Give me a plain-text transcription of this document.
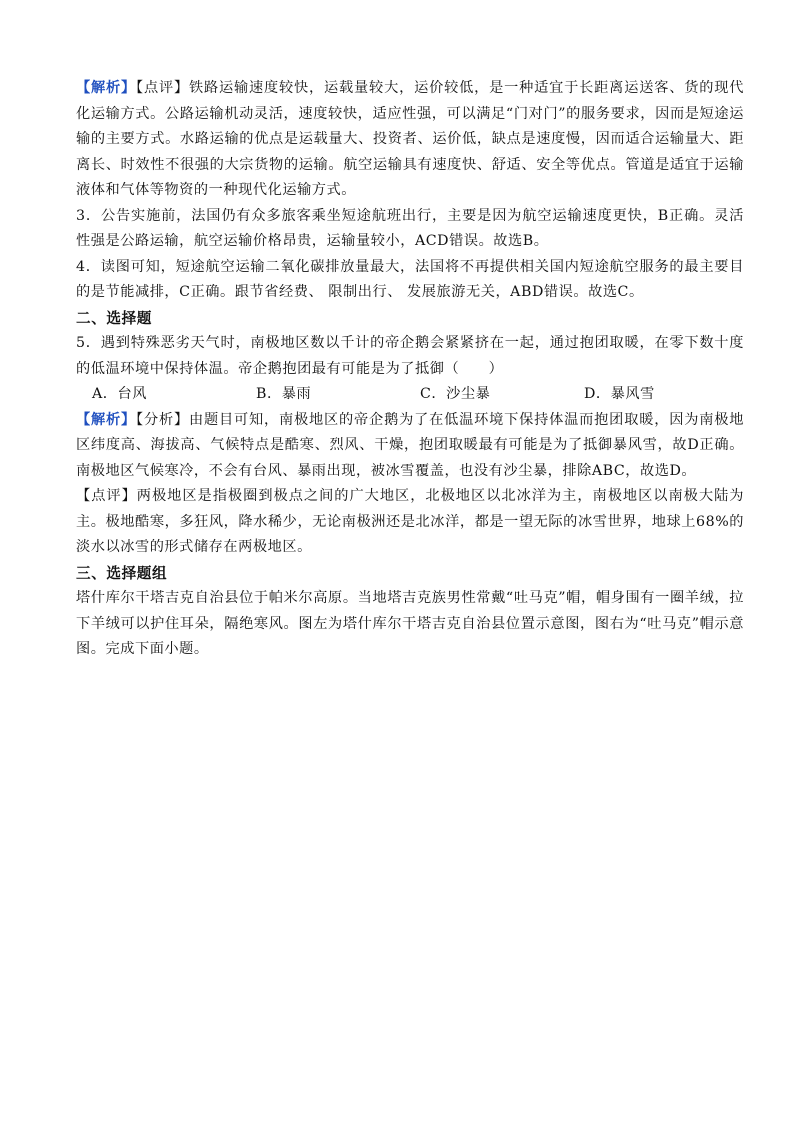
【解析】【点评】铁路运输速度较快，运载量较大，运价较低，是一种适宜于长距离运送客、货的现代化运输方式。公路运输机动灵活，速度较快，适应性强，可以满足“门对门”的服务要求，因而是短途运输的主要方式。水路运输的优点是运载量大、投资者、运价低，缺点是速度慢，因而适合运输量大、距离长、时效性不很强的大宗货物的运输。航空运输具有速度快、舒适、安全等优点。管道是适宜于运输液体和气体等物资的一种现代化运输方式。

3．公告实施前，法国仍有众多旅客乘坐短途航班出行，主要是因为航空运输速度更快，B正确。灵活性强是公路运输，航空运输价格昂贵，运输量较小，ACD错误。故选B。

4．读图可知，短途航空运输二氧化碳排放量最大，法国将不再提供相关国内短途航空服务的最主要目的是节能减排，C正确。跟节省经费、 限制出行、 发展旅游无关，ABD错误。故选C。

二、选择题

5．遇到特殊恶劣天气时，南极地区数以千计的帝企鹅会紧紧挤在一起，通过抱团取暖，在零下数十度的低温环境中保持体温。帝企鹅抱团最有可能是为了抵御（　　）

A．台风	B．暴雨	C．沙尘暴	D．暴风雪

【解析】【分析】由题目可知，南极地区的帝企鹅为了在低温环境下保持体温而抱团取暖，因为南极地区纬度高、海拔高、气候特点是酷寒、烈风、干燥，抱团取暖最有可能是为了抵御暴风雪，故D正确。南极地区气候寒冷，不会有台风、暴雨出现，被冰雪覆盖，也没有沙尘暴，排除ABC，故选D。

【点评】两极地区是指极圈到极点之间的广大地区，北极地区以北冰洋为主，南极地区以南极大陆为主。极地酷寒，多狂风，降水稀少，无论南极洲还是北冰洋，都是一望无际的冰雪世界，地球上68%的淡水以冰雪的形式储存在两极地区。

三、选择题组

塔什库尔干塔吉克自治县位于帕米尔高原。当地塔吉克族男性常戴“吐马克”帽，帽身围有一圈羊绒，拉下羊绒可以护住耳朵，隔绝寒风。图左为塔什库尔干塔吉克自治县位置示意图，图右为“吐马克”帽示意图。完成下面小题。
